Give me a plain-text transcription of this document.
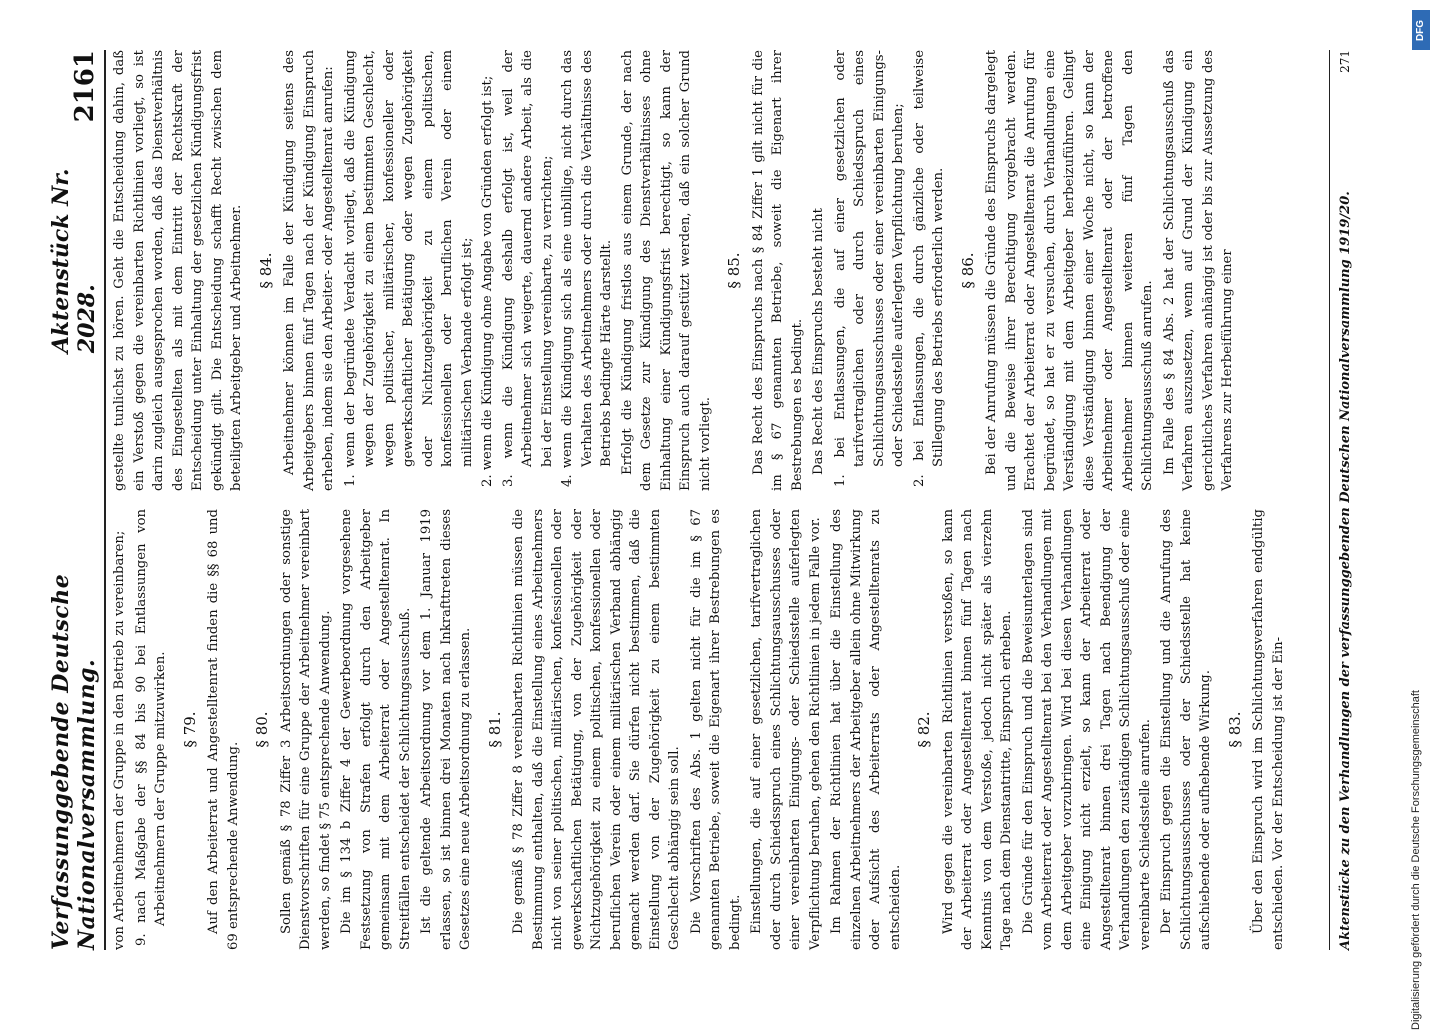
Verfassunggebende Deutsche Nationalversammlung.
Aktenstück Nr. 2028.
2161

von Arbeitnehmern der Gruppe in den Betrieb zu vereinbaren; 9. nach Maßgabe der §§ 84 bis 90 bei Entlassungen von Arbeitnehmern der Gruppe mitzuwirken. § 79. Auf den Arbeiterrat und Angestelltenrat finden die §§ 68 und 69 entsprechende Anwendung.

§ 80. Sollen gemäß § 78 Ziffer 3 Arbeitsordnungen oder sonstige Dienstvorschriften für eine Gruppe der Arbeitnehmer vereinbart werden, so findet § 75 entsprechende Anwendung. Die im § 134 b Ziffer 4 der Gewerbeordnung vorgesehene Festsetzung von Strafen erfolgt durch den Arbeitgeber gemeinsam mit dem Arbeiterrat oder Angestelltenrat. In Streitfällen entscheidet der Schlichtungsausschuß. Ist die geltende Arbeitsordnung vor dem 1. Januar 1919 erlassen, so ist binnen drei Monaten nach Inkrafttreten dieses Gesetzes eine neue Arbeitsordnung zu erlassen. § 81. Die gemäß § 78 Ziffer 8 vereinbarten Richtlinien müssen die Bestimmung enthalten, daß die Einstellung eines Arbeitnehmers nicht von seiner politischen, militärischen, konfessionellen oder gewerkschaftlichen Betätigung, von der Zugehörigkeit oder Nichtzugehörigkeit zu einem politischen, konfessionellen oder beruflichen Verein oder einem militärischen Verband abhängig gemacht werden darf. Sie dürfen nicht bestimmen, daß die Einstellung von der Zugehörigkeit zu einem bestimmten Geschlecht abhängig sein soll. Die Vorschriften des Abs. 1 gelten nicht für die im § 67 genannten Betriebe, soweit die Eigenart ihrer Bestrebungen es bedingt. Einstellungen, die auf einer gesetzlichen, tarifvertraglichen oder durch Schiedsspruch eines Schlichtungsausschusses oder einer vereinbarten Einigungs- oder Schiedsstelle auferlegten Verpflichtung beruhen, gehen den Richtlinien in jedem Falle vor. Im Rahmen der Richtlinien hat über die Einstellung des einzelnen Arbeitnehmers der Arbeitgeber allein ohne Mitwirkung oder Aufsicht des Arbeiterrats oder Angestelltenrats zu entscheiden.

§ 82. Wird gegen die vereinbarten Richtlinien verstoßen, so kann der Arbeiterrat oder Angestelltenrat binnen fünf Tagen nach Kenntnis von dem Verstoße, jedoch nicht später als vierzehn Tage nach dem Dienstantritte, Einspruch erheben. Die Gründe für den Einspruch und die Beweisunterlagen sind vom Arbeiterrat oder Angestelltenrat bei den Verhandlungen mit dem Arbeitgeber vorzubringen. Wird bei diesen Verhandlungen eine Einigung nicht erzielt, so kann der Arbeiterrat oder Angestelltenrat binnen drei Tagen nach Beendigung der Verhandlungen den zuständigen Schlichtungsausschuß oder eine vereinbarte Schiedsstelle anrufen. Der Einspruch gegen die Einstellung und die Anrufung des Schlichtungsausschusses oder der Schiedsstelle hat keine aufschiebende oder aufhebende Wirkung. § 83. Über den Einspruch wird im Schlichtungsverfahren endgültig entschieden. Vor der Entscheidung ist der Ein-

gestellte tunlichst zu hören. Geht die Entscheidung dahin, daß ein Verstoß gegen die vereinbarten Richtlinien vorliegt, so ist darin zugleich ausgesprochen worden, daß das Dienstverhältnis des Eingestellten als mit dem Eintritt der Rechtskraft der Entscheidung unter Einhaltung der gesetzlichen Kündigungsfrist gekündigt gilt. Die Entscheidung schafft Recht zwischen dem beteiligten Arbeitgeber und Arbeitnehmer. § 84. Arbeitnehmer können im Falle der Kündigung seitens des Arbeitgebers binnen fünf Tagen nach der Kündigung Einspruch erheben, indem sie den Arbeiter- oder Angestelltenrat anrufen: 1. wenn der begründete Verdacht vorliegt, daß die Kündigung wegen der Zugehörigkeit zu einem bestimmten Geschlecht, wegen politischer, militärischer, konfessioneller oder gewerkschaftlicher Betätigung oder wegen Zugehörigkeit oder Nichtzugehörigkeit zu einem politischen, konfessionellen oder beruflichen Verein oder einem militärischen Verbande erfolgt ist; 2. wenn die Kündigung ohne Angabe von Gründen erfolgt ist; 3. wenn die Kündigung deshalb erfolgt ist, weil der Arbeitnehmer sich weigerte, dauernd andere Arbeit, als die bei der Einstellung vereinbarte, zu verrichten; 4. wenn die Kündigung sich als eine unbillige, nicht durch das Verhalten des Arbeitnehmers oder durch die Verhältnisse des Betriebs bedingte Härte darstellt. Erfolgt die Kündigung fristlos aus einem Grunde, der nach dem Gesetze zur Kündigung des Dienstverhältnisses ohne Einhaltung einer Kündigungsfrist berechtigt, so kann der Einspruch auch darauf gestützt werden, daß ein solcher Grund nicht vorliegt.

§ 85. Das Recht des Einspruchs nach § 84 Ziffer 1 gilt nicht für die im § 67 genannten Betriebe, soweit die Eigenart ihrer Bestrebungen es bedingt. Das Recht des Einspruchs besteht nicht 1. bei Entlassungen, die auf einer gesetzlichen oder tarifvertraglichen oder durch Schiedsspruch eines Schlichtungsausschusses oder einer vereinbarten Einigungs- oder Schiedsstelle auferlegten Verpflichtung beruhen; 2. bei Entlassungen, die durch gänzliche oder teilweise Stillegung des Betriebs erforderlich werden. § 86. Bei der Anrufung müssen die Gründe des Einspruchs dargelegt und die Beweise ihrer Berechtigung vorgebracht werden. Erachtet der Arbeiterrat oder Angestelltenrat die Anrufung für begründet, so hat er zu versuchen, durch Verhandlungen eine Verständigung mit dem Arbeitgeber herbeizuführen. Gelingt diese Verständigung binnen einer Woche nicht, so kann der Arbeitnehmer oder Angestelltenrat oder der betroffene Arbeitnehmer binnen weiteren fünf Tagen den Schlichtungsausschuß anrufen. Im Falle des § 84 Abs. 2 hat der Schlichtungsausschuß das Verfahren auszusetzen, wenn auf Grund der Kündigung ein gerichtliches Verfahren anhängig ist oder bis zur Aussetzung des Verfahrens zur Herbeiführung einer	Aktenstücke zu den Verhandlungen der verfassunggebenden Deutschen Nationalversammlung 1919/20.
271
DFG
Digitalisierung gefördert durch die Deutsche Forschungsgemeinschaft
